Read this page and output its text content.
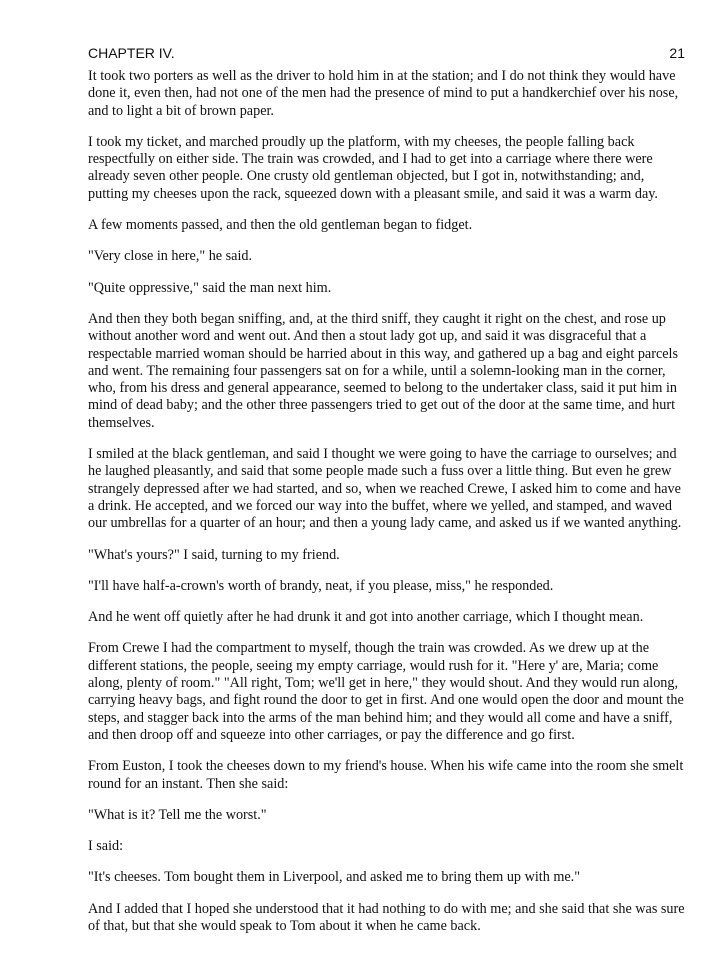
CHAPTER IV.	21

It took two porters as well as the driver to hold him in at the station; and I do not think they would have done it, even then, had not one of the men had the presence of mind to put a handkerchief over his nose, and to light a bit of brown paper.

I took my ticket, and marched proudly up the platform, with my cheeses, the people falling back respectfully on either side. The train was crowded, and I had to get into a carriage where there were already seven other people. One crusty old gentleman objected, but I got in, notwithstanding; and, putting my cheeses upon the rack, squeezed down with a pleasant smile, and said it was a warm day.

A few moments passed, and then the old gentleman began to fidget.

"Very close in here," he said.

"Quite oppressive," said the man next him.

And then they both began sniffing, and, at the third sniff, they caught it right on the chest, and rose up without another word and went out. And then a stout lady got up, and said it was disgraceful that a respectable married woman should be harried about in this way, and gathered up a bag and eight parcels and went. The remaining four passengers sat on for a while, until a solemn-looking man in the corner, who, from his dress and general appearance, seemed to belong to the undertaker class, said it put him in mind of dead baby; and the other three passengers tried to get out of the door at the same time, and hurt themselves.

I smiled at the black gentleman, and said I thought we were going to have the carriage to ourselves; and he laughed pleasantly, and said that some people made such a fuss over a little thing. But even he grew strangely depressed after we had started, and so, when we reached Crewe, I asked him to come and have a drink. He accepted, and we forced our way into the buffet, where we yelled, and stamped, and waved our umbrellas for a quarter of an hour; and then a young lady came, and asked us if we wanted anything.

"What's yours?" I said, turning to my friend.

"I'll have half-a-crown's worth of brandy, neat, if you please, miss," he responded.

And he went off quietly after he had drunk it and got into another carriage, which I thought mean.

From Crewe I had the compartment to myself, though the train was crowded. As we drew up at the different stations, the people, seeing my empty carriage, would rush for it. "Here y' are, Maria; come along, plenty of room." "All right, Tom; we'll get in here," they would shout. And they would run along, carrying heavy bags, and fight round the door to get in first. And one would open the door and mount the steps, and stagger back into the arms of the man behind him; and they would all come and have a sniff, and then droop off and squeeze into other carriages, or pay the difference and go first.

From Euston, I took the cheeses down to my friend's house. When his wife came into the room she smelt round for an instant. Then she said:

"What is it? Tell me the worst."

I said:

"It's cheeses. Tom bought them in Liverpool, and asked me to bring them up with me."

And I added that I hoped she understood that it had nothing to do with me; and she said that she was sure of that, but that she would speak to Tom about it when he came back.
